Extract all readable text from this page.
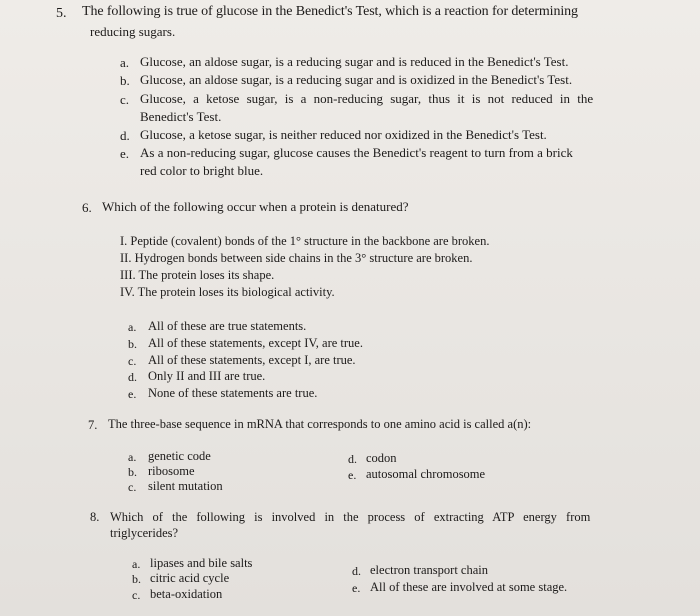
5. The following is true of glucose in the Benedict's Test, which is a reaction for determining
reducing sugars.
a. Glucose, an aldose sugar, is a reducing sugar and is reduced in the Benedict's Test.
b. Glucose, an aldose sugar, is a reducing sugar and is oxidized in the Benedict's Test.
c. Glucose, a ketose sugar, is a non-reducing sugar, thus it is not reduced in the
Benedict's Test.
d. Glucose, a ketose sugar, is neither reduced nor oxidized in the Benedict's Test.
e. As a non-reducing sugar, glucose causes the Benedict's reagent to turn from a brick
red color to bright blue.
6. Which of the following occur when a protein is denatured?
I. Peptide (covalent) bonds of the 1° structure in the backbone are broken.
II. Hydrogen bonds between side chains in the 3° structure are broken.
III. The protein loses its shape.
IV. The protein loses its biological activity.
a. All of these are true statements.
b. All of these statements, except IV, are true.
c. All of these statements, except I, are true.
d. Only II and III are true.
e. None of these statements are true.
7. The three-base sequence in mRNA that corresponds to one amino acid is called a(n):
a. genetic code
b. ribosome
c. silent mutation
d. codon
e. autosomal chromosome
8. Which of the following is involved in the process of extracting ATP energy from
triglycerides?
a. lipases and bile salts
b. citric acid cycle
c. beta-oxidation
d. electron transport chain
e. All of these are involved at some stage.
